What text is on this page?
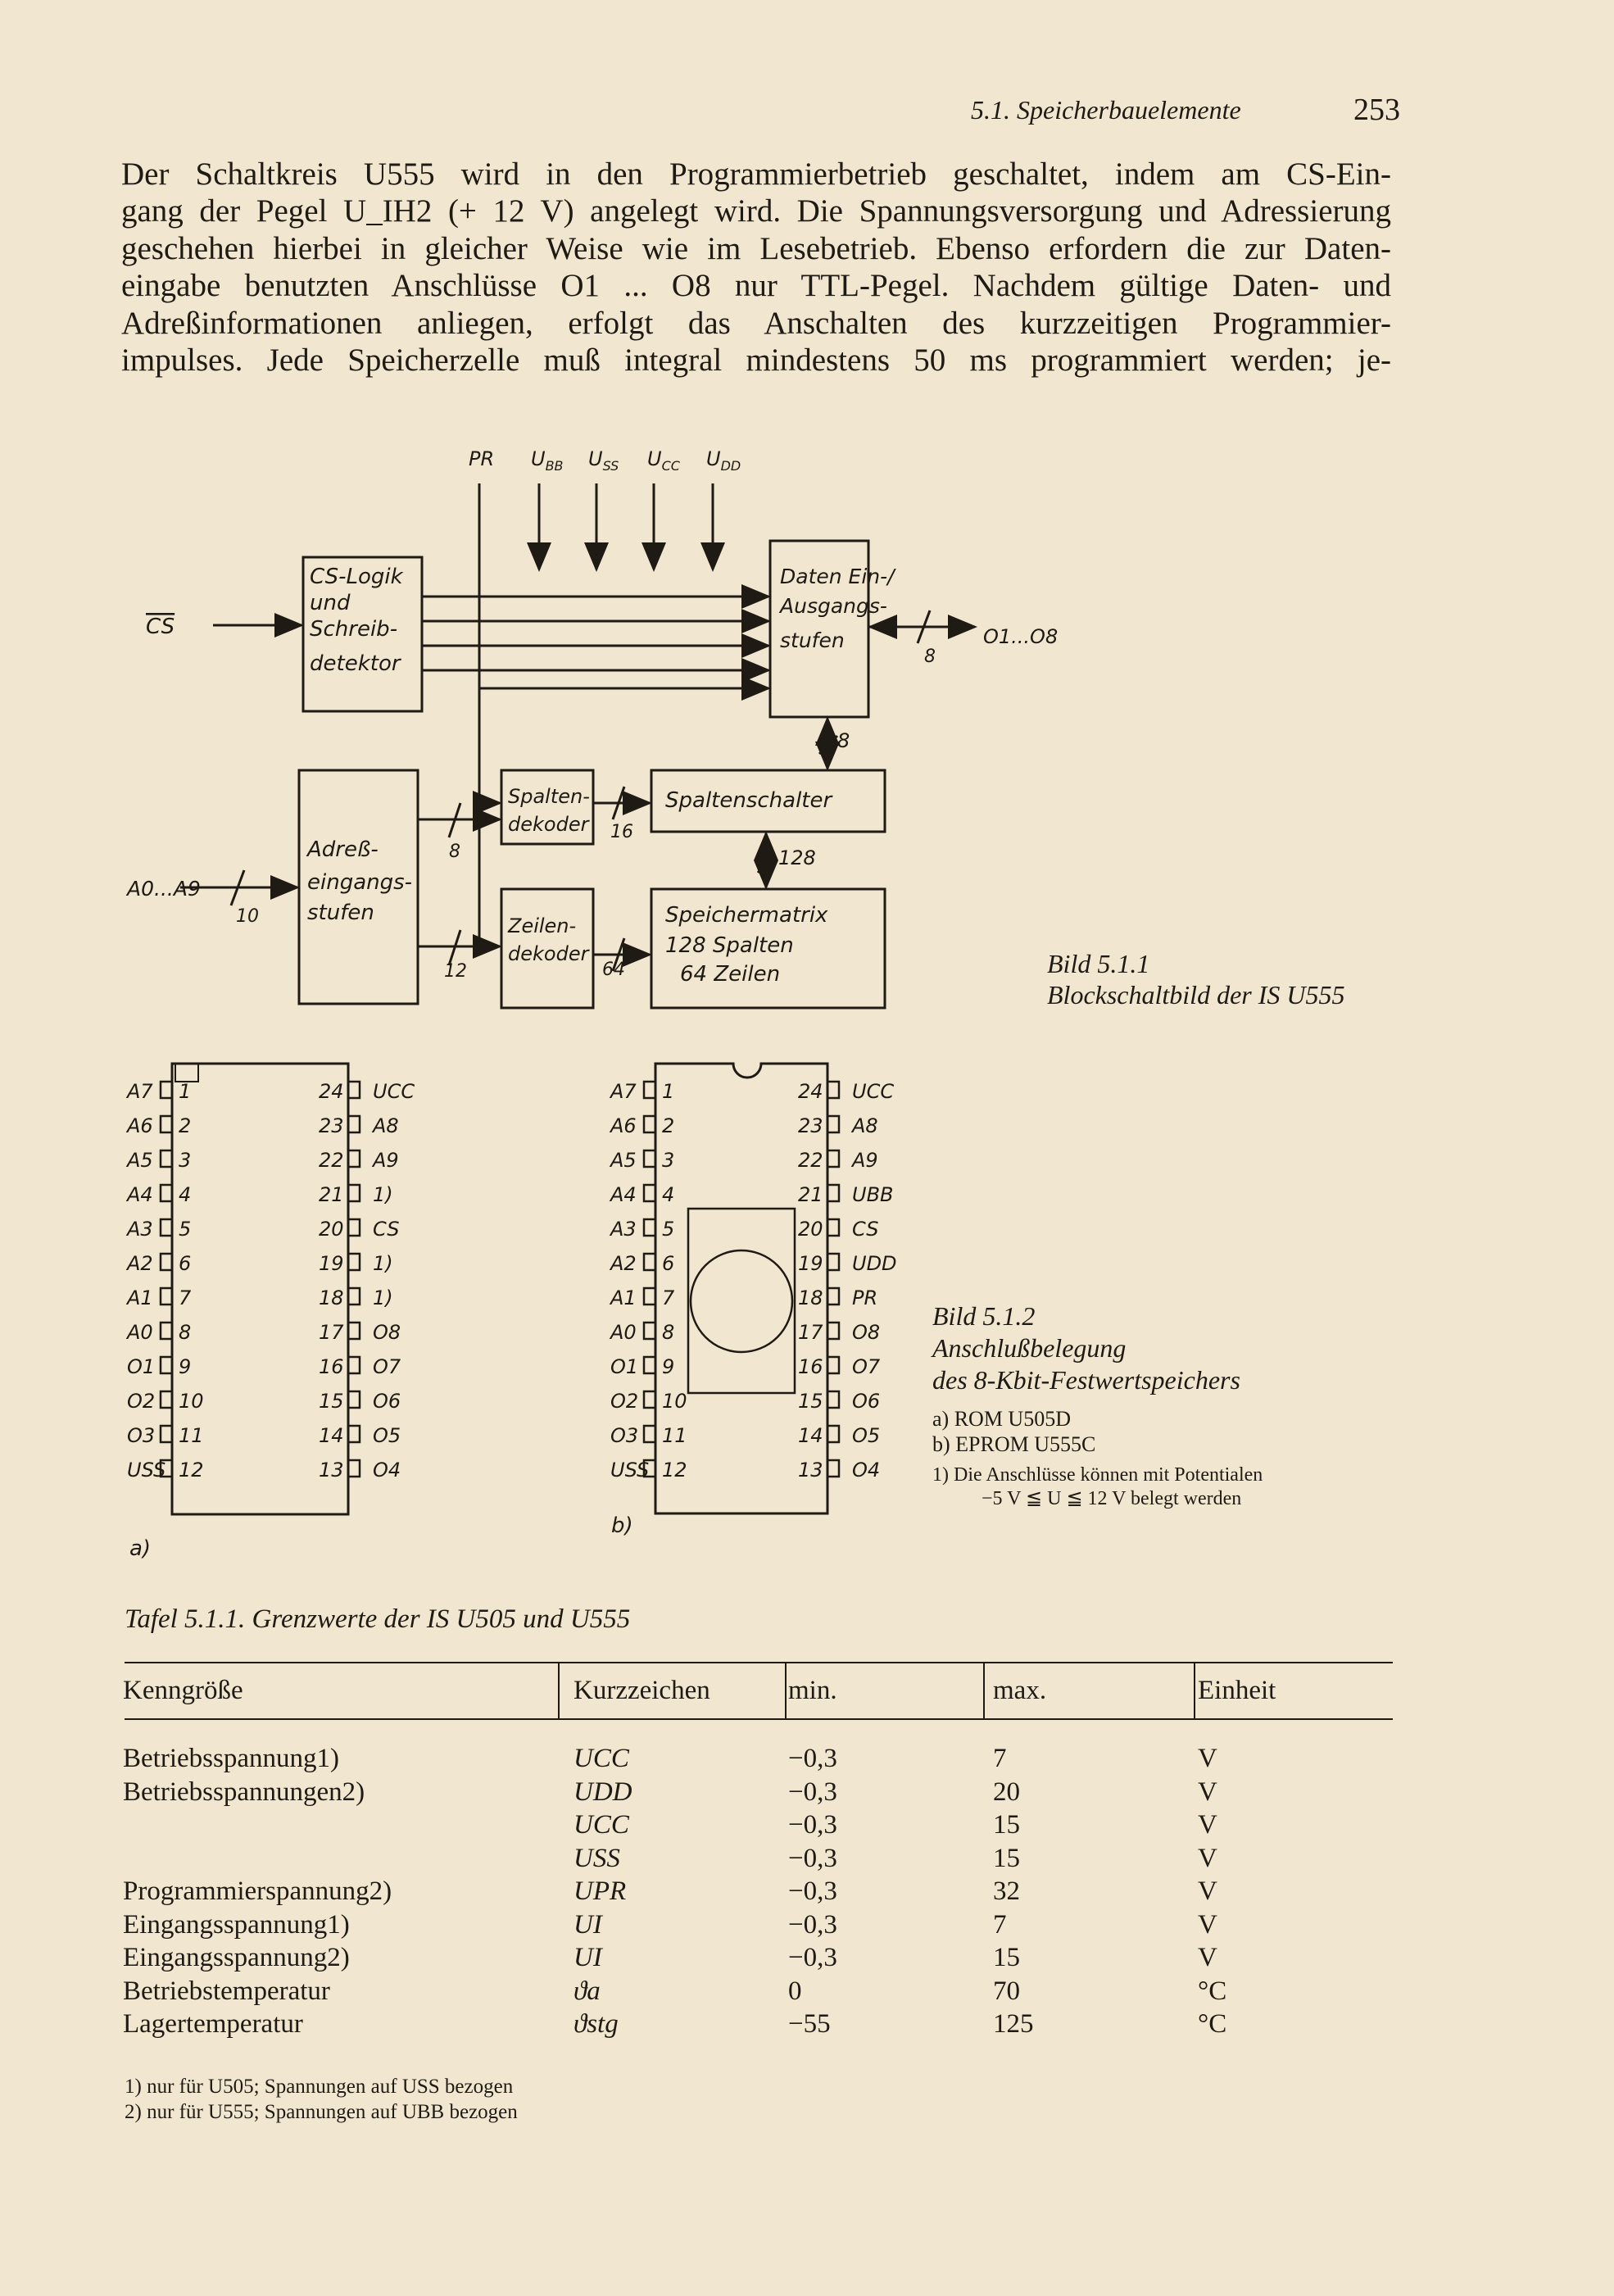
5.1. Speicherbauelemente	253
Der Schaltkreis U555 wird in den Programmierbetrieb geschaltet, indem am CS-Ein-
gang der Pegel U_IH2 (+ 12 V) angelegt wird. Die Spannungsversorgung und Adressierung
geschehen hierbei in gleicher Weise wie im Lesebetrieb. Ebenso erfordern die zur Daten-
eingabe benutzten Anschlüsse O1 ... O8 nur TTL-Pegel. Nachdem gültige Daten- und
Adreßinformationen anliegen, erfolgt das Anschalten des kurzzeitigen Programmier-
impulses. Jede Speicherzelle muß integral mindestens 50 ms programmiert werden; je-
PR $U_{BB}$ $U_{SS}$ $U_{CC}$ $U_{DD}$
CS
CS-Logik
und
Schreib-
detektor
Daten Ein-/
Ausgangs-
stufen	O1...O8
8
8
A0...A9
10
Adreß-
eingangs-
stufen
8
12
Spalten-
dekoder 16
Zeilen-
dekoder
64
Spaltenschalter
128
Speichermatrix
128 Spalten
64 Zeilen	Bild 5.1.1
Blockschaltbild der IS U555
A7 1
A6 2
A5 3
A4 4
A3 5
A2 6
A1 7
A0 8
O1 9
O2 10
O3 11
USS 12
24 UCC
23 A8
22 A9
21 1)
20 CS
19 1)
18 1)
17 O8
16 O7
15 O6
14 O5
13 O4
a)
A7 1
A6 2
A5 3
A4 4
A3 5
A2 6
A1 7
A0 8
O1 9
O2 10
O3 11
USS 12
24 UCC
23 A8
22 A9
21 UBB
20 CS
19 UDD
18 PR
17 O8
16 O7
15 O6
14 O5
13 O4
b)
Bild 5.1.2
Anschlußbelegung
des 8-Kbit-Festwertspeichers
a) ROM U505D
b) EPROM U555C
1) Die Anschlüsse können mit Potentialen
−5 V ≦ U ≦ 12 V belegt werden
Tafel 5.1.1. Grenzwerte der IS U505 und U555
Kenngröße	Kurzzeichen	min.	max.	Einheit
Betriebsspannung1)	UCC	−0,3	7	V
Betriebsspannungen2)	UDD	−0,3	20	V
	UCC	−0,3	15	V
	USS	−0,3	15	V
Programmierspannung2)	UPR	−0,3	32	V
Eingangsspannung1)	UI	−0,3	7	V
Eingangsspannung2)	UI	−0,3	15	V
Betriebstemperatur	ϑa	0	70	°C
Lagertemperatur	ϑstg	−55	125	°C
1) nur für U505; Spannungen auf USS bezogen
2) nur für U555; Spannungen auf UBB bezogen
